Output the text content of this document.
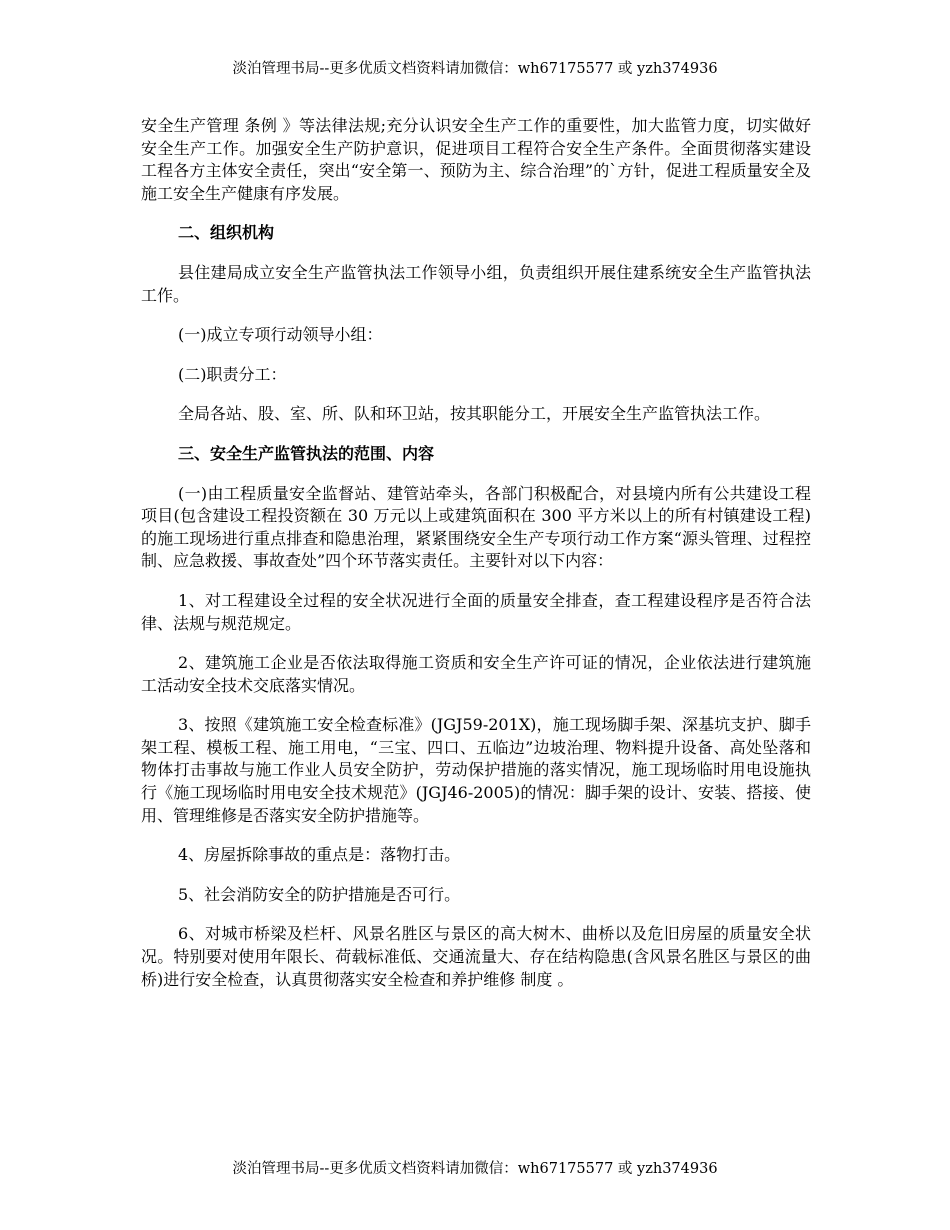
淡泊管理书局--更多优质文档资料请加微信：wh67175577 或 yzh374936

安全生产管理 条例 》等法律法规;充分认识安全生产工作的重要性，加大监管力度，切实做好安全生产工作。加强安全生产防护意识，促进项目工程符合安全生产条件。全面贯彻落实建设工程各方主体安全责任，突出“安全第一、预防为主、综合治理”的`方针，促进工程质量安全及施工安全生产健康有序发展。

二、组织机构

县住建局成立安全生产监管执法工作领导小组，负责组织开展住建系统安全生产监管执法工作。

(一)成立专项行动领导小组：

(二)职责分工：

全局各站、股、室、所、队和环卫站，按其职能分工，开展安全生产监管执法工作。

三、安全生产监管执法的范围、内容

(一)由工程质量安全监督站、建管站牵头，各部门积极配合，对县境内所有公共建设工程项目(包含建设工程投资额在 30 万元以上或建筑面积在 300 平方米以上的所有村镇建设工程)的施工现场进行重点排查和隐患治理，紧紧围绕安全生产专项行动工作方案“源头管理、过程控制、应急救援、事故查处”四个环节落实责任。主要针对以下内容：

1、对工程建设全过程的安全状况进行全面的质量安全排查，查工程建设程序是否符合法律、法规与规范规定。

2、建筑施工企业是否依法取得施工资质和安全生产许可证的情况，企业依法进行建筑施工活动安全技术交底落实情况。

3、按照《建筑施工安全检查标准》(JGJ59-201X)，施工现场脚手架、深基坑支护、脚手架工程、模板工程、施工用电，“三宝、四口、五临边”边坡治理、物料提升设备、高处坠落和物体打击事故与施工作业人员安全防护，劳动保护措施的落实情况，施工现场临时用电设施执行《施工现场临时用电安全技术规范》(JGJ46-2005)的情况：脚手架的设计、安装、搭接、使用、管理维修是否落实安全防护措施等。

4、房屋拆除事故的重点是：落物打击。

5、社会消防安全的防护措施是否可行。

6、对城市桥梁及栏杆、风景名胜区与景区的高大树木、曲桥以及危旧房屋的质量安全状况。特别要对使用年限长、荷载标准低、交通流量大、存在结构隐患(含风景名胜区与景区的曲桥)进行安全检查，认真贯彻落实安全检查和养护维修 制度 。

淡泊管理书局--更多优质文档资料请加微信：wh67175577 或 yzh374936
